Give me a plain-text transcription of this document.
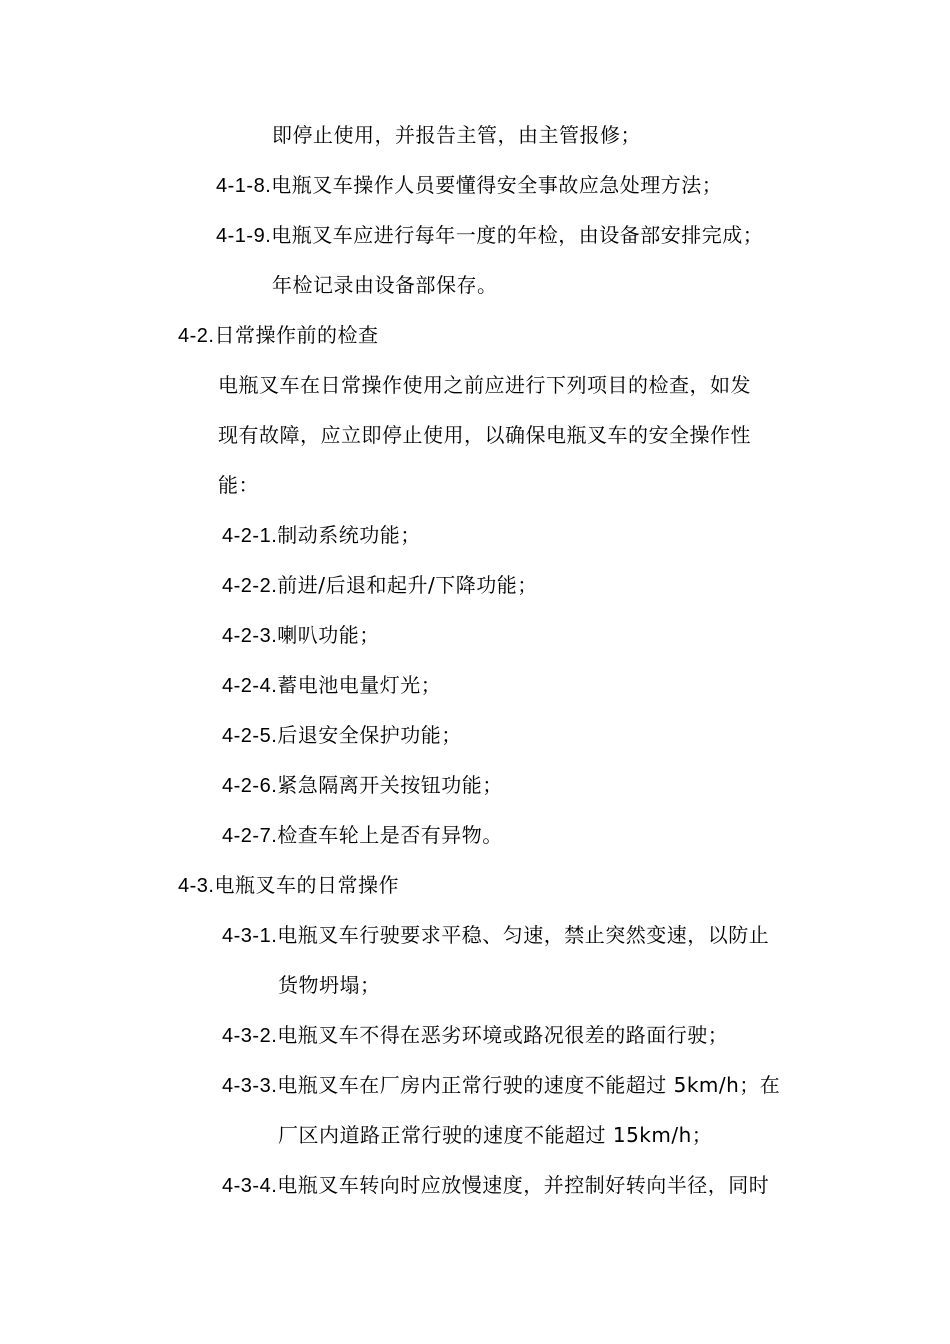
即停止使用，并报告主管，由主管报修；
4-1-8.电瓶叉车操作人员要懂得安全事故应急处理方法；
4-1-9.电瓶叉车应进行每年一度的年检，由设备部安排完成；
年检记录由设备部保存。
4-2.日常操作前的检查
电瓶叉车在日常操作使用之前应进行下列项目的检查，如发
现有故障，应立即停止使用，以确保电瓶叉车的安全操作性
能：
4-2-1.制动系统功能；
4-2-2.前进/后退和起升/下降功能；
4-2-3.喇叭功能；
4-2-4.蓄电池电量灯光；
4-2-5.后退安全保护功能；
4-2-6.紧急隔离开关按钮功能；
4-2-7.检查车轮上是否有异物。
4-3.电瓶叉车的日常操作
4-3-1.电瓶叉车行驶要求平稳、匀速，禁止突然变速，以防止
货物坍塌；
4-3-2.电瓶叉车不得在恶劣环境或路况很差的路面行驶；
4-3-3.电瓶叉车在厂房内正常行驶的速度不能超过 5km/h；在
厂区内道路正常行驶的速度不能超过 15km/h；
4-3-4.电瓶叉车转向时应放慢速度，并控制好转向半径，同时
